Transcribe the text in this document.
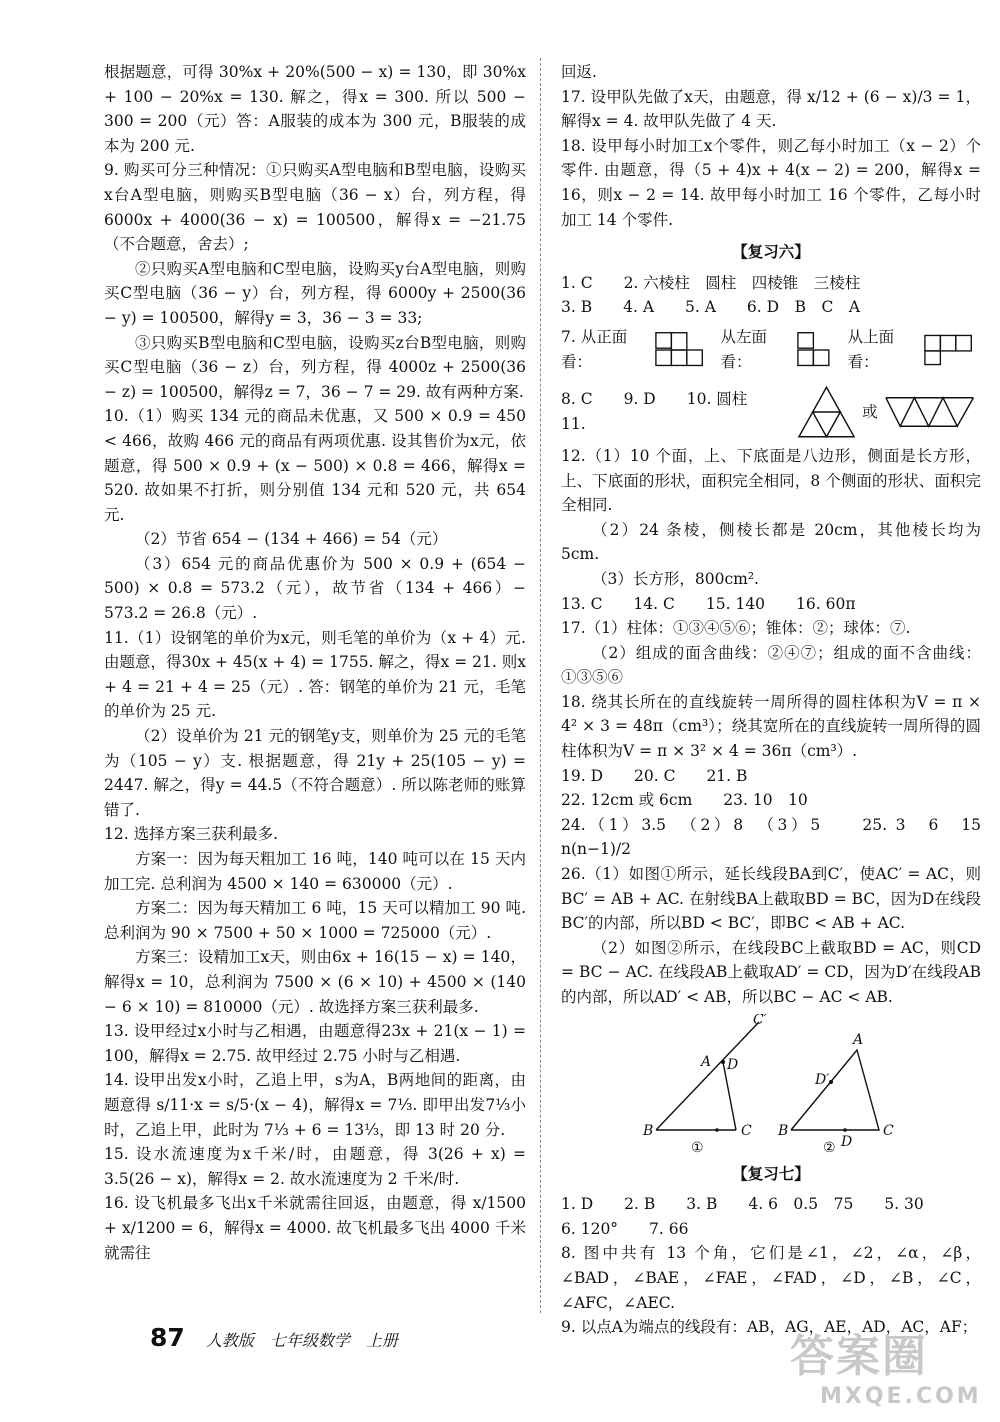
根据题意，可得 30%x + 20%(500 − x) = 130，即 30%x + 100 − 20%x = 130. 解之，得x = 300. 所以 500 − 300 = 200（元）答：A服装的成本为 300 元，B服装的成本为 200 元.

9. 购买可分三种情况：①只购买A型电脑和B型电脑，设购买x台A型电脑，则购买B型电脑（36 − x）台，列方程，得 6000x + 4000(36 − x) = 100500，解得x = −21.75（不合题意，舍去）;

②只购买A型电脑和C型电脑，设购买y台A型电脑，则购买C型电脑（36 − y）台，列方程，得 6000y + 2500(36 − y) = 100500，解得y = 3，36 − 3 = 33;

③只购买B型电脑和C型电脑，设购买z台B型电脑，则购买C型电脑（36 − z）台，列方程，得 4000z + 2500(36 − z) = 100500，解得z = 7，36 − 7 = 29. 故有两种方案.

10.（1）购买 134 元的商品未优惠，又 500 × 0.9 = 450 < 466，故购 466 元的商品有两项优惠. 设其售价为x元，依题意，得 500 × 0.9 + (x − 500) × 0.8 = 466，解得x = 520. 故如果不打折，则分别值 134 元和 520 元，共 654 元.

（2）节省 654 − (134 + 466) = 54（元）

（3）654 元的商品优惠价为 500 × 0.9 + (654 − 500) × 0.8 = 573.2（元），故节省（134 + 466）− 573.2 = 26.8（元）.

11.（1）设钢笔的单价为x元，则毛笔的单价为（x + 4）元. 由题意，得30x + 45(x + 4) = 1755. 解之，得x = 21. 则x + 4 = 21 + 4 = 25（元）. 答：钢笔的单价为 21 元，毛笔的单价为 25 元.

（2）设单价为 21 元的钢笔y支，则单价为 25 元的毛笔为（105 − y）支. 根据题意，得 21y + 25(105 − y) = 2447. 解之，得y = 44.5（不符合题意）. 所以陈老师的账算错了.

12. 选择方案三获利最多.

方案一：因为每天粗加工 16 吨，140 吨可以在 15 天内加工完. 总利润为 4500 × 140 = 630000（元）.

方案二：因为每天精加工 6 吨，15 天可以精加工 90 吨. 总利润为 90 × 7500 + 50 × 1000 = 725000（元）.

方案三：设精加工x天，则由6x + 16(15 − x) = 140，解得x = 10，总利润为 7500 × (6 × 10) + 4500 × (140 − 6 × 10) = 810000（元）. 故选择方案三获利最多.

13. 设甲经过x小时与乙相遇，由题意得23x + 21(x − 1) = 100，解得x = 2.75. 故甲经过 2.75 小时与乙相遇.

14. 设甲出发x小时，乙追上甲，s为A，B两地间的距离，由题意得 s/11·x = s/5·(x − 4)，解得x = 7⅓. 即甲出发7⅓小时，乙追上甲，此时为 7⅓ + 6 = 13⅓，即 13 时 20 分.

15. 设水流速度为x千米/时，由题意，得 3(26 + x) = 3.5(26 − x)，解得x = 2. 故水流速度为 2 千米/时.

16. 设飞机最多飞出x千米就需往回返，由题意，得 x/1500 + x/1200 = 6，解得x = 4000. 故飞机最多飞出 4000 千米就需往

回返.

17. 设甲队先做了x天，由题意，得 x/12 + (6 − x)/3 = 1，解得x = 4. 故甲队先做了 4 天.

18. 设甲每小时加工x个零件，则乙每小时加工（x − 2）个零件. 由题意，得（5 + 4)x + 4(x − 2) = 200，解得x = 16，则x − 2 = 14. 故甲每小时加工 16 个零件，乙每小时加工 14 个零件.

【复习六】

1. C　　2. 六棱柱　圆柱　四棱锥　三棱柱

3. B　　4. A　　5. A　　6. D　B　C　A

7. 从正面看：
从左面看：
从上面看：
8. C　　9. D　　10. 圆柱　　11.
或

12.（1）10 个面，上、下底面是八边形，侧面是长方形，上、下底面的形状，面积完全相同，8 个侧面的形状、面积完全相同.

（2）24 条棱，侧棱长都是 20cm，其他棱长均为 5cm.

（3）长方形，800cm².

13. C　　14. C　　15. 140　　16. 60π

17.（1）柱体：①③④⑤⑥；锥体：②；球体：⑦.

（2）组成的面含曲线：②④⑦；组成的面不含曲线：①③⑤⑥

18. 绕其长所在的直线旋转一周所得的圆柱体积为V = π × 4² × 3 = 48π（cm³）；绕其宽所在的直线旋转一周所得的圆柱体积为V = π × 3² × 4 = 36π（cm³）.

19. D　　20. C　　21. B

22. 12cm 或 6cm　　23. 10　10

24.（1）3.5　（2）8　（3）5　　25. 3　6　15　n(n−1)/2

26.（1）如图①所示，延长线段BA到C′，使AC′ = AC，则BC′ = AB + AC. 在射线BA上截取BD = BC，因为D在线段BC′的内部，所以BD < BC′，即BC < AB + AC.

（2）如图②所示，在线段BC上截取BD = AC，则CD = BC − AC. 在线段AB上截取AD′ = CD，因为D′在线段AB的内部，所以AD′ < AB，所以BC − AC < AB.

C′
A D
B	C
①
A
D′
B	C
D
②
【复习七】

1. D　　2. B　　3. B　　4. 6　0.5　75　　5. 30

6. 120°　　7. 66

8. 图中共有 13 个角，它们是∠1，∠2，∠α，∠β，∠BAD，∠BAE，∠FAE，∠FAD，∠D，∠B，∠C，∠AFC，∠AEC.

9. 以点A为端点的线段有：AB，AG，AE，AD，AC，AF；

87 人教版　七年级数学　上册	答案圈
MXQE.COM
